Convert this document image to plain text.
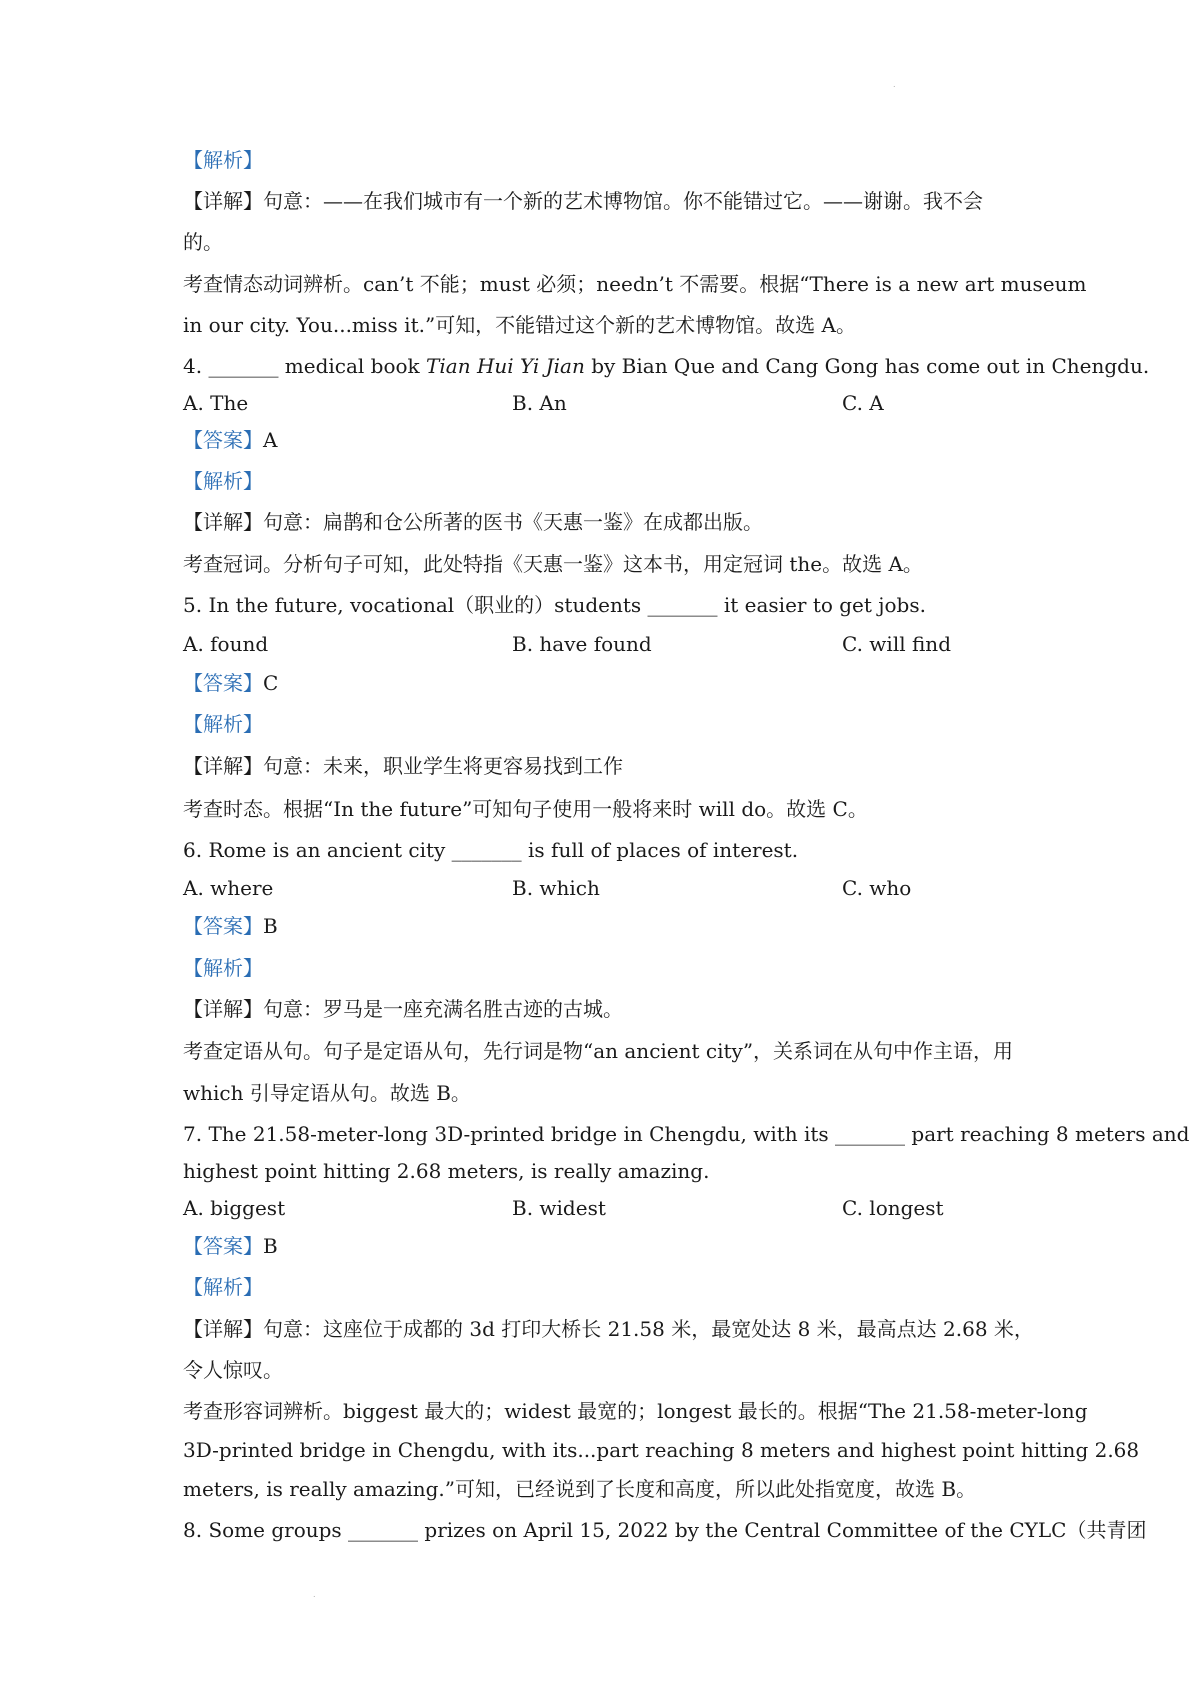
.
【解析】
【详解】句意：——在我们城市有一个新的艺术博物馆。你不能错过它。——谢谢。我不会
的。
考查情态动词辨析。can’t 不能；must 必须；needn’t 不需要。根据“There is a new art museum
in our city. You...miss it.”可知，不能错过这个新的艺术博物馆。故选 A。
4. _______ medical book Tian Hui Yi Jian by Bian Que and Cang Gong has come out in Chengdu.
A. The	B. An	C. A
【答案】A
【解析】
【详解】句意：扁鹊和仓公所著的医书《天惠一鉴》在成都出版。
考查冠词。分析句子可知，此处特指《天惠一鉴》这本书，用定冠词 the。故选 A。
5. In the future, vocational（职业的）students _______ it easier to get jobs.
A. found	B. have found	C. will find
【答案】C
【解析】
【详解】句意：未来，职业学生将更容易找到工作
考查时态。根据“In the future”可知句子使用一般将来时 will do。故选 C。
6. Rome is an ancient city _______ is full of places of interest.
A. where	B. which	C. who
【答案】B
【解析】
【详解】句意：罗马是一座充满名胜古迹的古城。
考查定语从句。句子是定语从句，先行词是物“an ancient city”，关系词在从句中作主语，用
which 引导定语从句。故选 B。
7. The 21.58-meter-long 3D-printed bridge in Chengdu, with its _______ part reaching 8 meters and
highest point hitting 2.68 meters, is really amazing.
A. biggest	B. widest	C. longest
【答案】B
【解析】
【详解】句意：这座位于成都的 3d 打印大桥长 21.58 米，最宽处达 8 米，最高点达 2.68 米，
令人惊叹。
考查形容词辨析。biggest 最大的；widest 最宽的；longest 最长的。根据“The 21.58-meter-long
3D-printed bridge in Chengdu, with its...part reaching 8 meters and highest point hitting 2.68
meters, is really amazing.”可知，已经说到了长度和高度，所以此处指宽度，故选 B。
8. Some groups _______ prizes on April 15, 2022 by the Central Committee of the CYLC（共青团
.
